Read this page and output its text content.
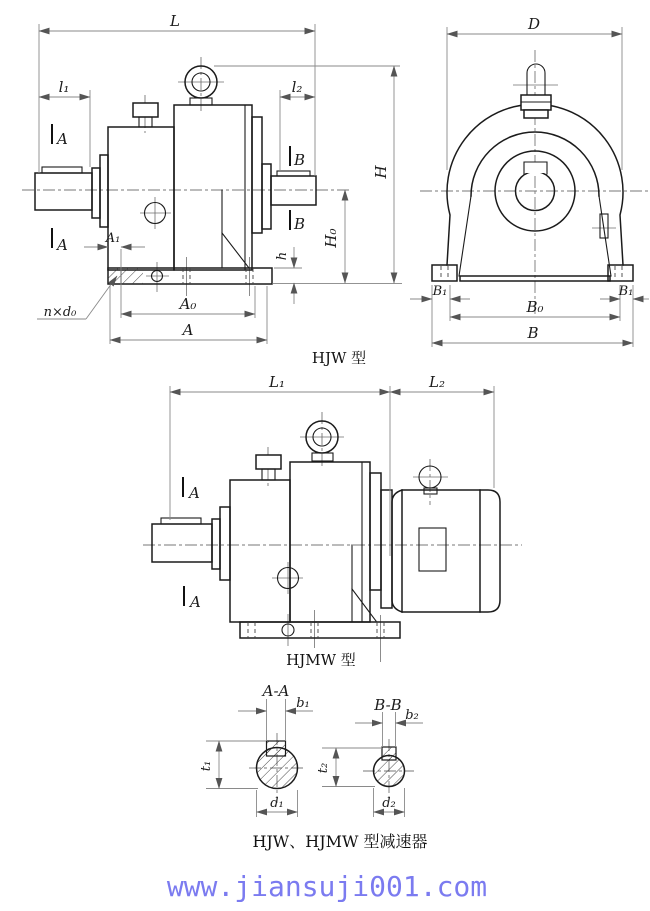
L
l₁	l₂
H
H₀
h
A₁
A₀
A
n×d₀
A
A
B
B
HJW 型
D
B₁	B₁
B₀
B
L₁	L₂
A
A
HJMW 型
A-A
b₁
t₁
d₁
B-B
b₂
t₂
d₂
HJW、HJMW 型减速器
www.jiansuji001.com
